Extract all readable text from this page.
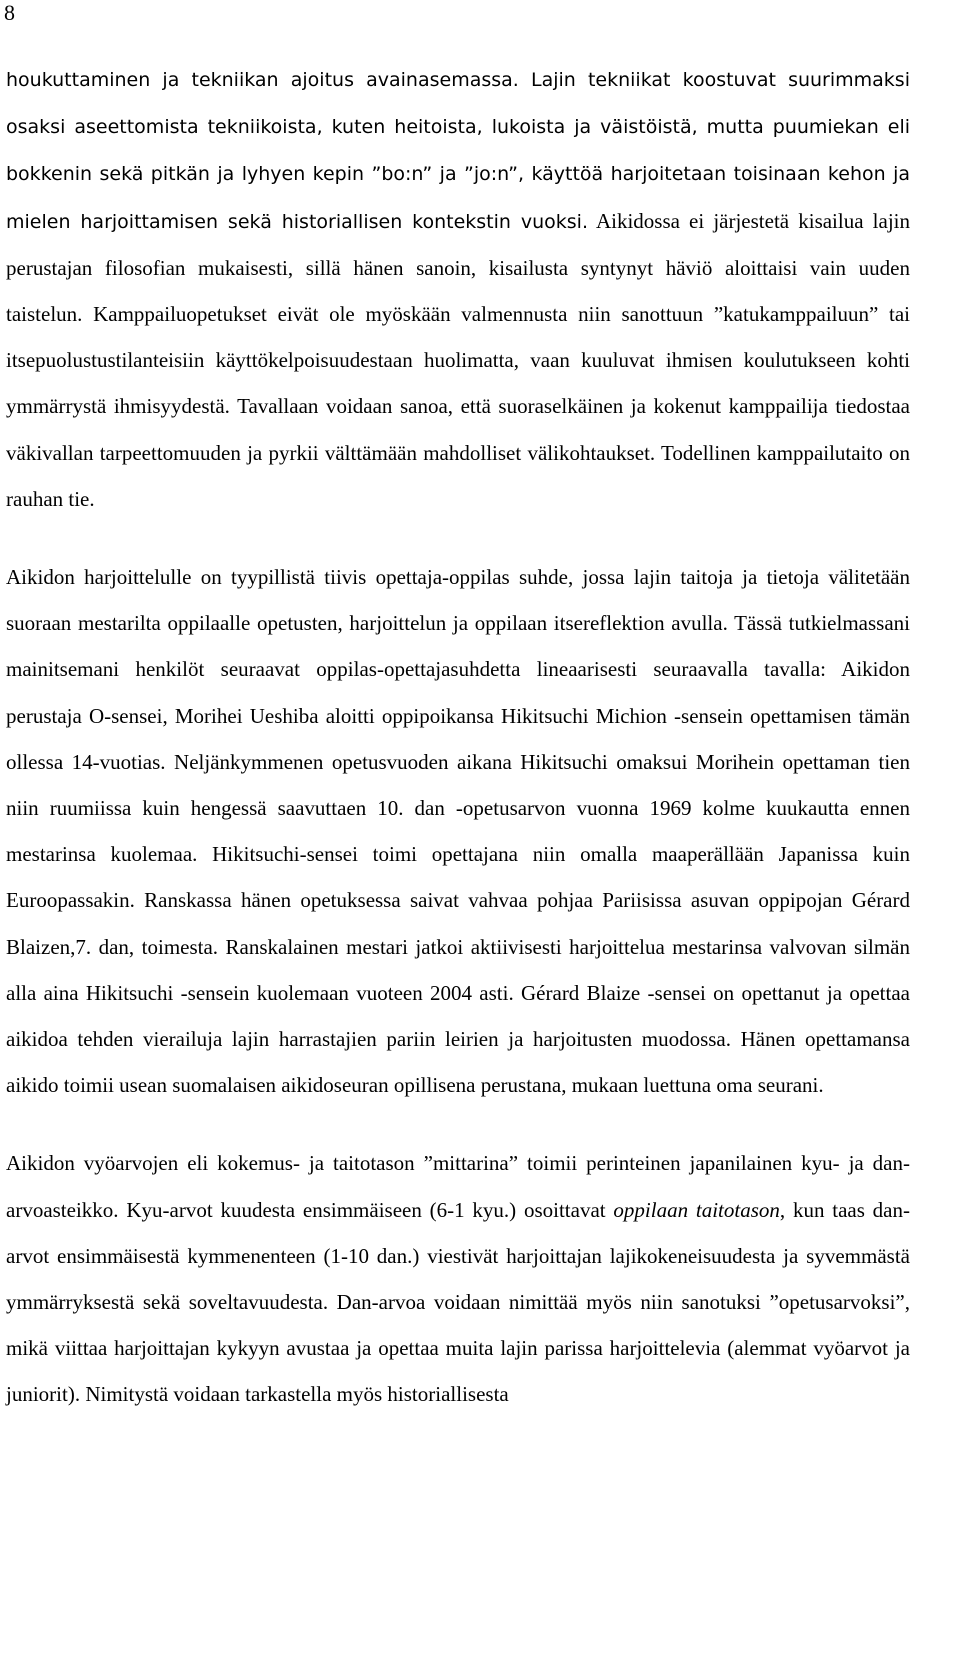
8

houkuttaminen ja tekniikan ajoitus avainasemassa. Lajin tekniikat koostuvat suurimmaksi osaksi aseettomista tekniikoista, kuten heitoista, lukoista ja väistöistä, mutta puumiekan eli bokkenin sekä pitkän ja lyhyen kepin ”bo:n” ja ”jo:n”, käyttöä harjoitetaan toisinaan kehon ja mielen harjoittamisen sekä historiallisen kontekstin vuoksi. Aikidossa ei järjestetä kisailua lajin perustajan filosofian mukaisesti, sillä hänen sanoin, kisailusta syntynyt häviö aloittaisi vain uuden taistelun. Kamppailuopetukset eivät ole myöskään valmennusta niin sanottuun ”katukamppailuun” tai itsepuolustustilanteisiin käyttökelpoisuudestaan huolimatta, vaan kuuluvat ihmisen koulutukseen kohti ymmärrystä ihmisyydestä. Tavallaan voidaan sanoa, että suoraselkäinen ja kokenut kamppailija tiedostaa väkivallan tarpeettomuuden ja pyrkii välttämään mahdolliset välikohtaukset. Todellinen kamppailutaito on rauhan tie.

Aikidon harjoittelulle on tyypillistä tiivis opettaja-oppilas suhde, jossa lajin taitoja ja tietoja välitetään suoraan mestarilta oppilaalle opetusten, harjoittelun ja oppilaan itsereflektion avulla. Tässä tutkielmassani mainitsemani henkilöt seuraavat oppilas-opettajasuhdetta lineaarisesti seuraavalla tavalla: Aikidon perustaja O-sensei, Morihei Ueshiba aloitti oppipoikansa Hikitsuchi Michion -sensein opettamisen tämän ollessa 14-vuotias. Neljänkymmenen opetusvuoden aikana Hikitsuchi omaksui Morihein opettaman tien niin ruumiissa kuin hengessä saavuttaen 10. dan -opetusarvon vuonna 1969 kolme kuukautta ennen mestarinsa kuolemaa. Hikitsuchi-sensei toimi opettajana niin omalla maaperällään Japanissa kuin Euroopassakin. Ranskassa hänen opetuksessa saivat vahvaa pohjaa Pariisissa asuvan oppipojan Gérard Blaizen,7. dan, toimesta. Ranskalainen mestari jatkoi aktiivisesti harjoittelua mestarinsa valvovan silmän alla aina Hikitsuchi -sensein kuolemaan vuoteen 2004 asti. Gérard Blaize -sensei on opettanut ja opettaa aikidoa tehden vierailuja lajin harrastajien pariin leirien ja harjoitusten muodossa. Hänen opettamansa aikido toimii usean suomalaisen aikidoseuran opillisena perustana, mukaan luettuna oma seurani.

Aikidon vyöarvojen eli kokemus- ja taitotason ”mittarina” toimii perinteinen japanilainen kyu- ja dan-arvoasteikko. Kyu-arvot kuudesta ensimmäiseen (6-1 kyu.) osoittavat oppilaan taitotason, kun taas dan-arvot ensimmäisestä kymmenenteen (1-10 dan.) viestivät harjoittajan lajikokeneisuudesta ja syvemmästä ymmärryksestä sekä soveltavuudesta. Dan-arvoa voidaan nimittää myös niin sanotuksi ”opetusarvoksi”, mikä viittaa harjoittajan kykyyn avustaa ja opettaa muita lajin parissa harjoittelevia (alemmat vyöarvot ja juniorit). Nimitystä voidaan tarkastella myös historiallisesta
